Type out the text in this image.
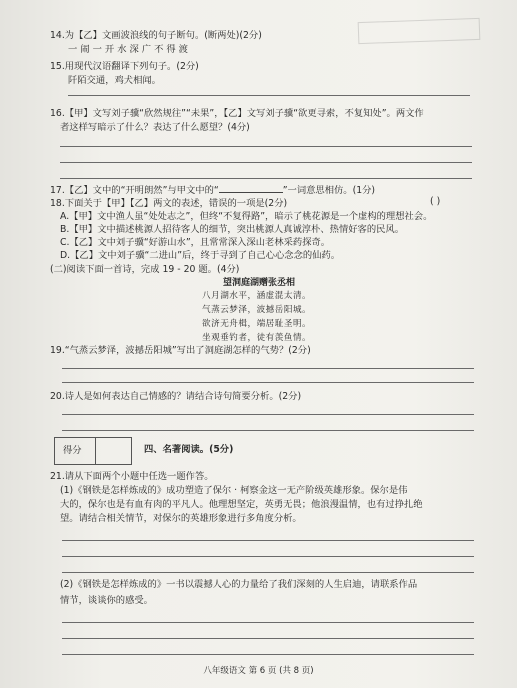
14.为【乙】文画波浪线的句子断句。(断两处)(2分)
一闹一开水深广不得渡
15.用现代汉语翻译下列句子。(2分)
阡陌交通，鸡犬相闻。
16.【甲】文写刘子骥“欣然规往”“未果”，【乙】文写刘子骥“欲更寻索，不复知处”。两文作
者这样写暗示了什么？表达了什么愿望？(4分)
17.【乙】文中的“开明朗然”与甲文中的“	”一词意思相仿。(1分)
18.下面关于【甲】【乙】两文的表述，错误的一项是(2分)	( )
A.【甲】文中渔人虽“处处志之”，但终“不复得路”，暗示了桃花源是一个虚构的理想社会。
B.【甲】文中描述桃源人招待客人的细节，突出桃源人真诚淳朴、热情好客的民风。
C.【乙】文中刘子骥“好游山水”，且常常深入深山老林采药探奇。
D.【乙】文中刘子骥“二进山”后，终于寻到了自己心心念念的仙药。
(二)阅读下面一首诗，完成 19 - 20 题。(4分)
望洞庭湖赠张丞相
八月湖水平，涵虚混太清。
气蒸云梦泽，波撼岳阳城。
欲济无舟楫，端居耻圣明。
坐观垂钓者，徒有羡鱼情。
19.“气蒸云梦泽，波撼岳阳城”写出了洞庭湖怎样的气势？(2分)
20.诗人是如何表达自己情感的？请结合诗句简要分析。(2分)
得分	四、名著阅读。(5分)
21.请从下面两个小题中任选一题作答。
(1)《钢铁是怎样炼成的》成功塑造了保尔 · 柯察金这一无产阶级英雄形象。保尔是伟
大的，保尔也是有血有肉的平凡人。他理想坚定，英勇无畏；他浪漫温情，也有过挣扎绝
望。请结合相关情节，对保尔的英雄形象进行多角度分析。
(2)《钢铁是怎样炼成的》一书以震撼人心的力量给了我们深刻的人生启迪，请联系作品
情节，谈谈你的感受。
八年级语文 第 6 页 (共 8 页)
